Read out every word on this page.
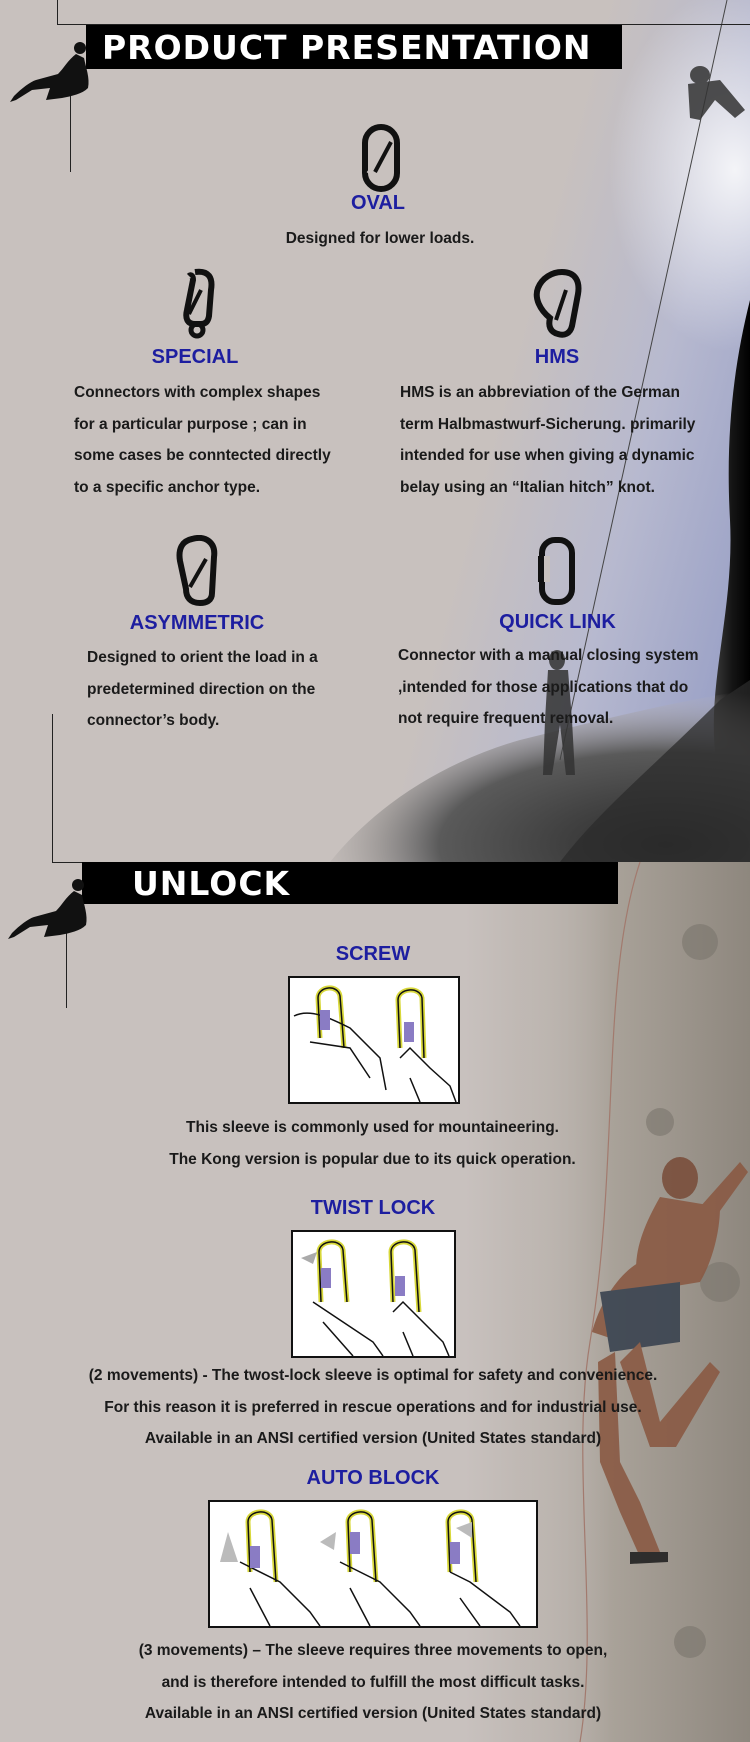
PRODUCT PRESENTATION
OVAL
Designed for lower loads.
SPECIAL
Connectors with complex shapes
for a particular purpose ; can in
some cases be conntected directly
to a specific anchor type.
HMS
HMS is an abbreviation of the German
term Halbmastwurf-Sicherung. primarily
intended for use when giving a dynamic
belay using an “Italian hitch” knot.
ASYMMETRIC
Designed to orient the load in a
predetermined direction on the
connector’s body.
QUICK LINK
Connector with a manual closing system
,intended for those applications that do
not require frequent removal.
UNLOCK
SCREW
This sleeve is commonly used for mountaineering.
The Kong version is popular due to its quick operation.
TWIST LOCK
(2 movements) - The twost-lock sleeve is optimal for safety and convenience.
For this reason it is preferred in rescue operations and for industrial use.
Available in an ANSI certified version (United States standard)
AUTO BLOCK
(3 movements) – The sleeve requires three movements to open,
and is therefore intended to fulfill the most difficult tasks.
Available in an ANSI certified version (United States standard)
